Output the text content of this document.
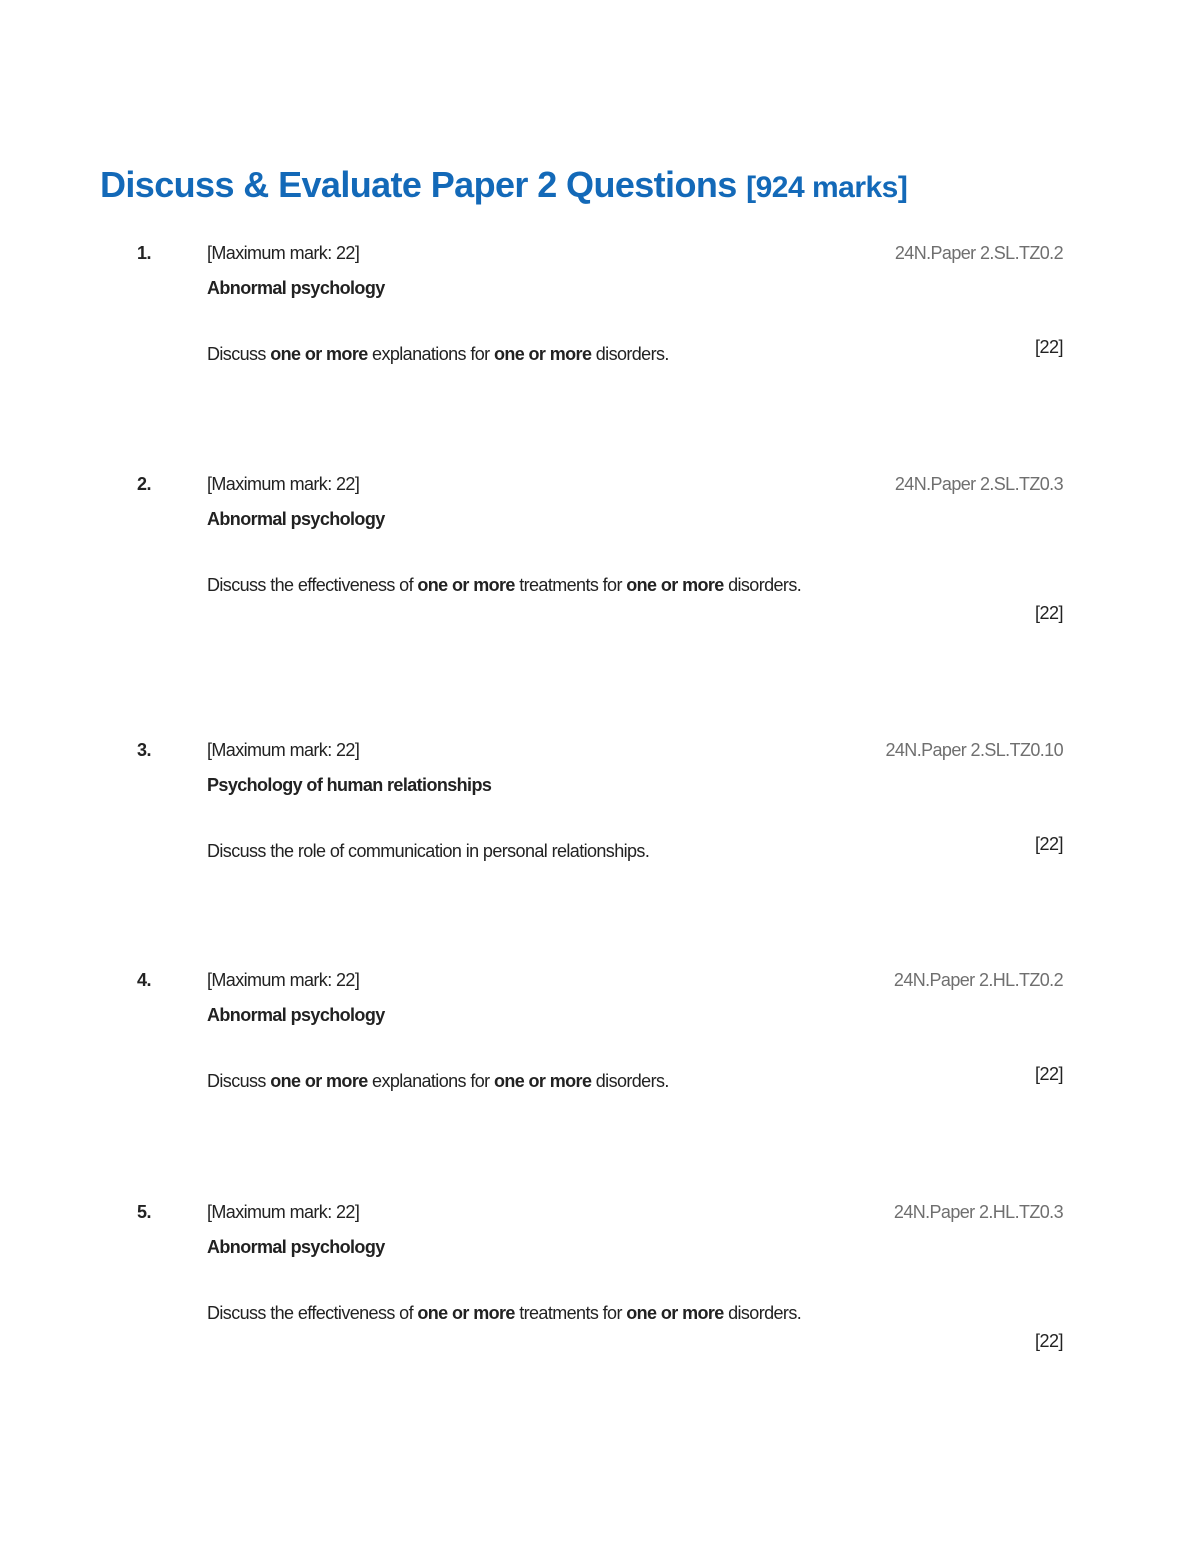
Discuss & Evaluate Paper 2 Questions [924 marks]
1.	[Maximum mark: 22]	24N.Paper 2.SL.TZ0.2
Abnormal psychology
Discuss one or more explanations for one or more disorders.	[22]
2.	[Maximum mark: 22]	24N.Paper 2.SL.TZ0.3
Abnormal psychology
Discuss the effectiveness of one or more treatments for one or more disorders.
[22]
3.	[Maximum mark: 22]	24N.Paper 2.SL.TZ0.10
Psychology of human relationships
Discuss the role of communication in personal relationships.	[22]
4.	[Maximum mark: 22]	24N.Paper 2.HL.TZ0.2
Abnormal psychology
Discuss one or more explanations for one or more disorders.	[22]
5.	[Maximum mark: 22]	24N.Paper 2.HL.TZ0.3
Abnormal psychology
Discuss the effectiveness of one or more treatments for one or more disorders.
[22]
